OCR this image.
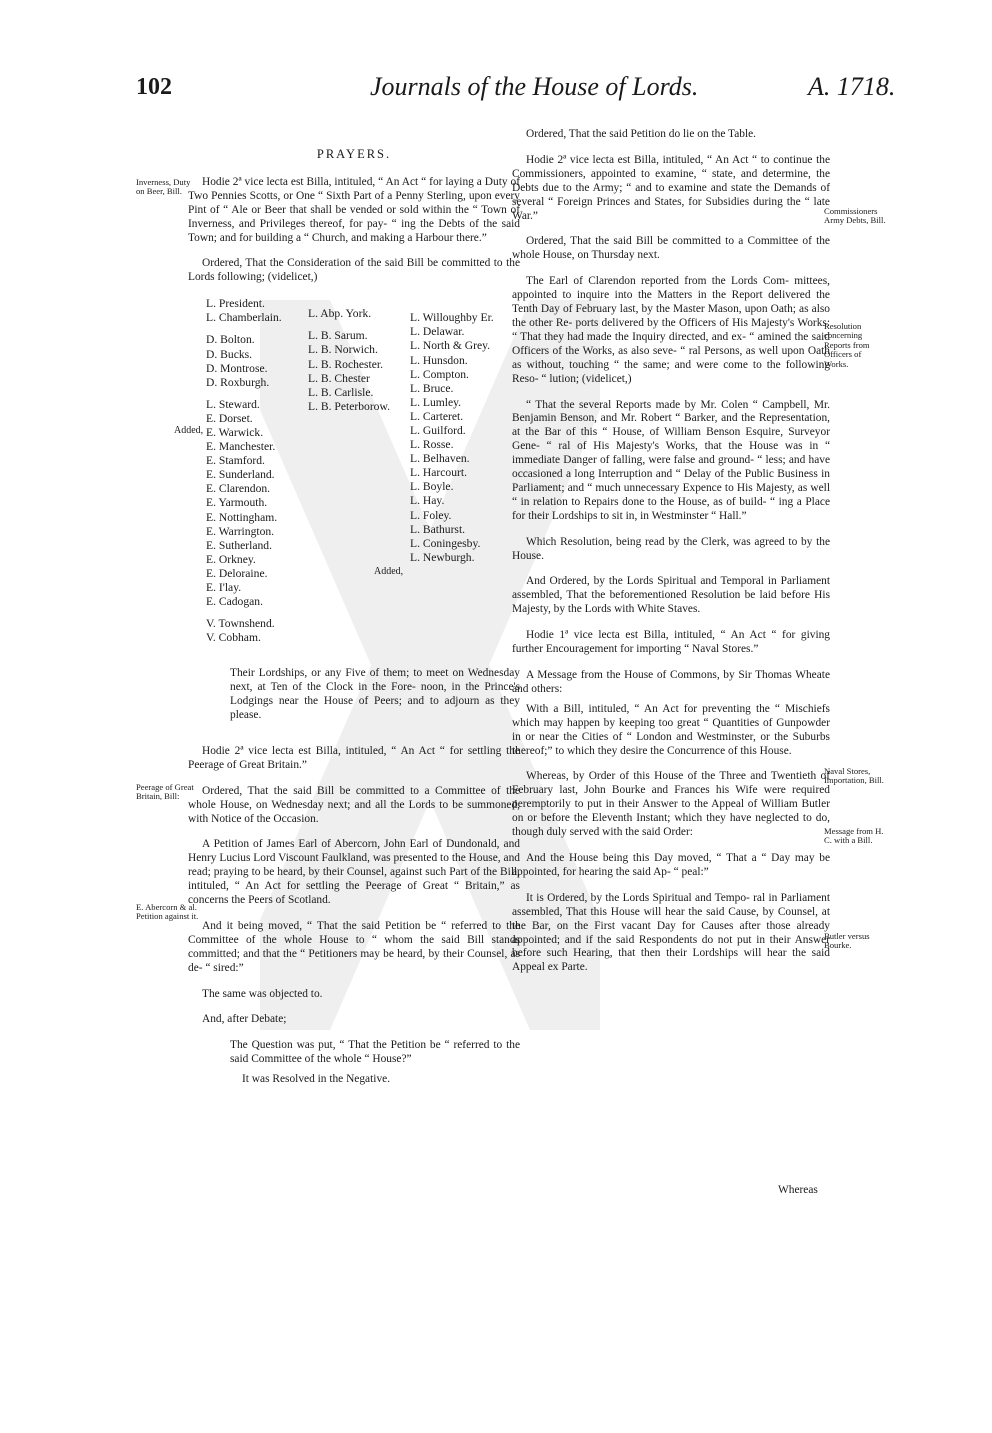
102	Journals of the House of Lords.	A. 1718.
PRAYERS.

Hodie 2ª vice lecta est Billa, intituled, “ An Act “ for laying a Duty of Two Pennies Scotts, or One “ Sixth Part of a Penny Sterling, upon every Pint of “ Ale or Beer that shall be vended or sold within the “ Town of Inverness, and Privileges thereof, for pay- “ ing the Debts of the said Town; and for building a “ Church, and making a Harbour there.”

Ordered, That the Consideration of the said Bill be committed to the Lords following; (videlicet,)

L. President.
L. Chamberlain.
D. Bolton.
D. Bucks.
D. Montrose.
D. Roxburgh.
L. Steward.
E. Dorset.
E. Warwick.
E. Manchester.
E. Stamford.
E. Sunderland.
E. Clarendon.
E. Yarmouth.
E. Nottingham.
E. Warrington.
E. Sutherland.
E. Orkney.
E. Deloraine.
E. I'lay.
E. Cadogan.
V. Townshend.
V. Cobham.
L. Abp. York.
L. B. Sarum.
L. B. Norwich.
L. B. Rochester.
L. B. Chester
L. B. Carlisle.
L. B. Peterborow.
L. Willoughby Er.
L. Delawar.
L. North & Grey.
L. Hunsdon.
L. Compton.
L. Bruce.
L. Lumley.
L. Carteret.
L. Guilford.
L. Rosse.
L. Belhaven.
L. Harcourt.
L. Boyle.
L. Hay.
L. Foley.
L. Bathurst.
L. Coningesby.
L. Newburgh.
Added,
Added,

Their Lordships, or any Five of them; to meet on Wednesday next, at Ten of the Clock in the Fore- noon, in the Prince's Lodgings near the House of Peers; and to adjourn as they please.

Hodie 2ª vice lecta est Billa, intituled, “ An Act “ for settling the Peerage of Great Britain.”

Ordered, That the said Bill be committed to a Committee of the whole House, on Wednesday next; and all the Lords to be summoned, with Notice of the Occasion.

A Petition of James Earl of Abercorn, John Earl of Dundonald, and Henry Lucius Lord Viscount Faulkland, was presented to the House, and read; praying to be heard, by their Counsel, against such Part of the Bill, intituled, “ An Act for settling the Peerage of Great “ Britain,” as concerns the Peers of Scotland.

And it being moved, “ That the said Petition be “ referred to the Committee of the whole House to “ whom the said Bill stands committed; and that the “ Petitioners may be heard, by their Counsel, as de- “ sired:”

The same was objected to.

And, after Debate;

The Question was put, “ That the Petition be “ referred to the said Committee of the whole “ House?”

It was Resolved in the Negative.

Ordered, That the said Petition do lie on the Table.

Hodie 2ª vice lecta est Billa, intituled, “ An Act “ to continue the Commissioners, appointed to examine, “ state, and determine, the Debts due to the Army; “ and to examine and state the Demands of several “ Foreign Princes and States, for Subsidies during the “ late War.”

Ordered, That the said Bill be committed to a Committee of the whole House, on Thursday next.

The Earl of Clarendon reported from the Lords Com- mittees, appointed to inquire into the Matters in the Report delivered the Tenth Day of February last, by the Master Mason, upon Oath; as also the other Re- ports delivered by the Officers of His Majesty's Works: “ That they had made the Inquiry directed, and ex- “ amined the said Officers of the Works, as also seve- “ ral Persons, as well upon Oath as without, touching “ the same; and were come to the following Reso- “ lution; (videlicet,)

“ That the several Reports made by Mr. Colen “ Campbell, Mr. Benjamin Benson, and Mr. Robert “ Barker, and the Representation, at the Bar of this “ House, of William Benson Esquire, Surveyor Gene- “ ral of His Majesty's Works, that the House was in “ immediate Danger of falling, were false and ground- “ less; and have occasioned a long Interruption and “ Delay of the Public Business in Parliament; and “ much unnecessary Expence to His Majesty, as well “ in relation to Repairs done to the House, as of build- “ ing a Place for their Lordships to sit in, in Westminster “ Hall.”

Which Resolution, being read by the Clerk, was agreed to by the House.

And Ordered, by the Lords Spiritual and Temporal in Parliament assembled, That the beforementioned Resolution be laid before His Majesty, by the Lords with White Staves.

Hodie 1ª vice lecta est Billa, intituled, “ An Act “ for giving further Encouragement for importing “ Naval Stores.”

A Message from the House of Commons, by Sir Thomas Wheate and others:

With a Bill, intituled, “ An Act for preventing the “ Mischiefs which may happen by keeping too great “ Quantities of Gunpowder in or near the Cities of “ London and Westminster, or the Suburbs thereof;” to which they desire the Concurrence of this House.

Whereas, by Order of this House of the Three and Twentieth of February last, John Bourke and Frances his Wife were required peremptorily to put in their Answer to the Appeal of William Butler on or before the Eleventh Instant; which they have neglected to do, though duly served with the said Order:

And the House being this Day moved, “ That a “ Day may be appointed, for hearing the said Ap- “ peal:”

It is Ordered, by the Lords Spiritual and Tempo- ral in Parliament assembled, That this House will hear the said Cause, by Counsel, at the Bar, on the First vacant Day for Causes after those already appointed; and if the said Respondents do not put in their Answer before such Hearing, that then their Lordships will hear the said Appeal ex Parte.

Whereas
Inverness, Duty on Beer, Bill.
Peerage of Great Britain, Bill:
E. Abercorn & al. Petition against it.
Commissioners Army Debts, Bill.
Resolution concerning Reports from Officers of Works.
Naval Stores, Importation, Bill.
Message from H. C. with a Bill.
Butler versus Bourke.
